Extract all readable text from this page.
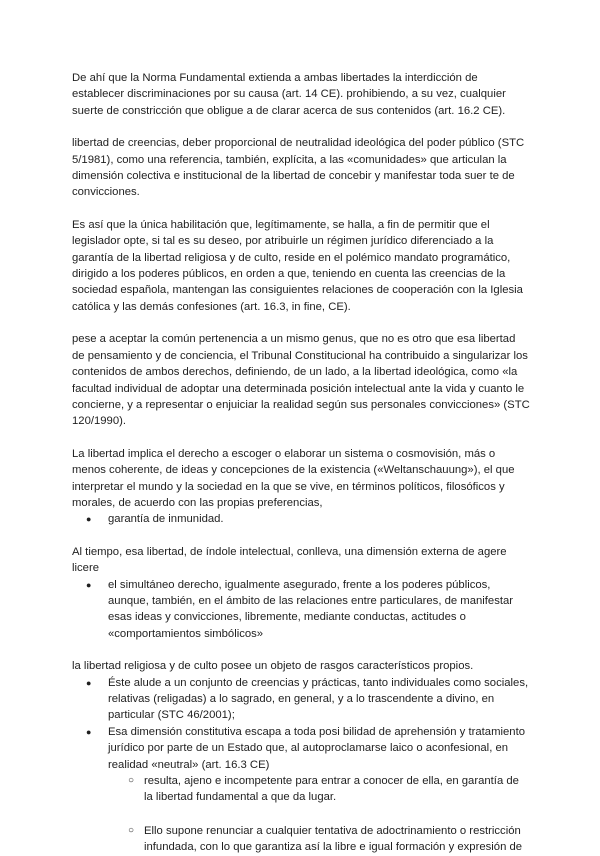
De ahí que la Norma Fundamental extienda a ambas libertades la interdicción de establecer discriminaciones por su causa (art. 14 CE). prohibiendo, a su vez, cualquier suerte de constricción que obligue a de clarar acerca de sus contenidos (art. 16.2 CE).

libertad de creencias, deber proporcional de neutralidad ideológica del poder público (STC 5/1981), como una referencia, también, explícita, a las «comunidades» que articulan la dimensión colectiva e institucional de la libertad de concebir y manifestar toda suer te de convicciones.

Es así que la única habilitación que, legítimamente, se halla, a fin de permitir que el legislador opte, si tal es su deseo, por atribuirle un régimen jurídico diferenciado a la garantía de la libertad religiosa y de culto, reside en el polémico mandato programático, dirigido a los poderes públicos, en orden a que, teniendo en cuenta las creencias de la sociedad española, mantengan las consiguientes relaciones de cooperación con la Iglesia católica y las demás confesiones (art. 16.3, in fine, CE).

pese a aceptar la común pertenencia a un mismo genus, que no es otro que esa libertad de pensamiento y de conciencia, el Tribunal Constitucional ha contribuido a singularizar los contenidos de ambos derechos, definiendo, de un lado, a la libertad ideológica, como «la facultad individual de adoptar una determinada posición intelectual ante la vida y cuanto le concierne, y a representar o enjuiciar la realidad según sus personales convicciones» (STC 120/1990).

La libertad implica el derecho a escoger o elaborar un sistema o cosmovisión, más o menos coherente, de ideas y concepciones de la existencia («Weltanschauung»), el que interpretar el mundo y la sociedad en la que se vive, en términos políticos, filosóficos y morales, de acuerdo con las propias preferencias,

● garantía de inmunidad.

Al tiempo, esa libertad, de índole intelectual, conlleva, una dimensión externa de agere licere

● el simultáneo derecho, igualmente asegurado, frente a los poderes públicos, aunque, también, en el ámbito de las relaciones entre particulares, de manifestar esas ideas y convicciones, libremente, mediante conductas, actitudes o «comportamientos simbólicos»

la libertad religiosa y de culto posee un objeto de rasgos característicos propios.

● Éste alude a un conjunto de creencias y prácticas, tanto individuales como sociales, relativas (religadas) a lo sagrado, en general, y a lo trascendente a divino, en particular (STC 46/2001);
● Esa dimensión constitutiva escapa a toda posi bilidad de aprehensión y tratamiento jurídico por parte de un Estado que, al autoproclamarse laico o aconfesional, en realidad «neutral» (art. 16.3 CE)
○ resulta, ajeno e incompetente para entrar a conocer de ella, en garantía de la libertad fundamental a que da lugar.
○ Ello supone renunciar a cualquier tentativa de adoctrinamiento o restricción infundada, con lo que garantiza así la libre e igual formación y expresión de
